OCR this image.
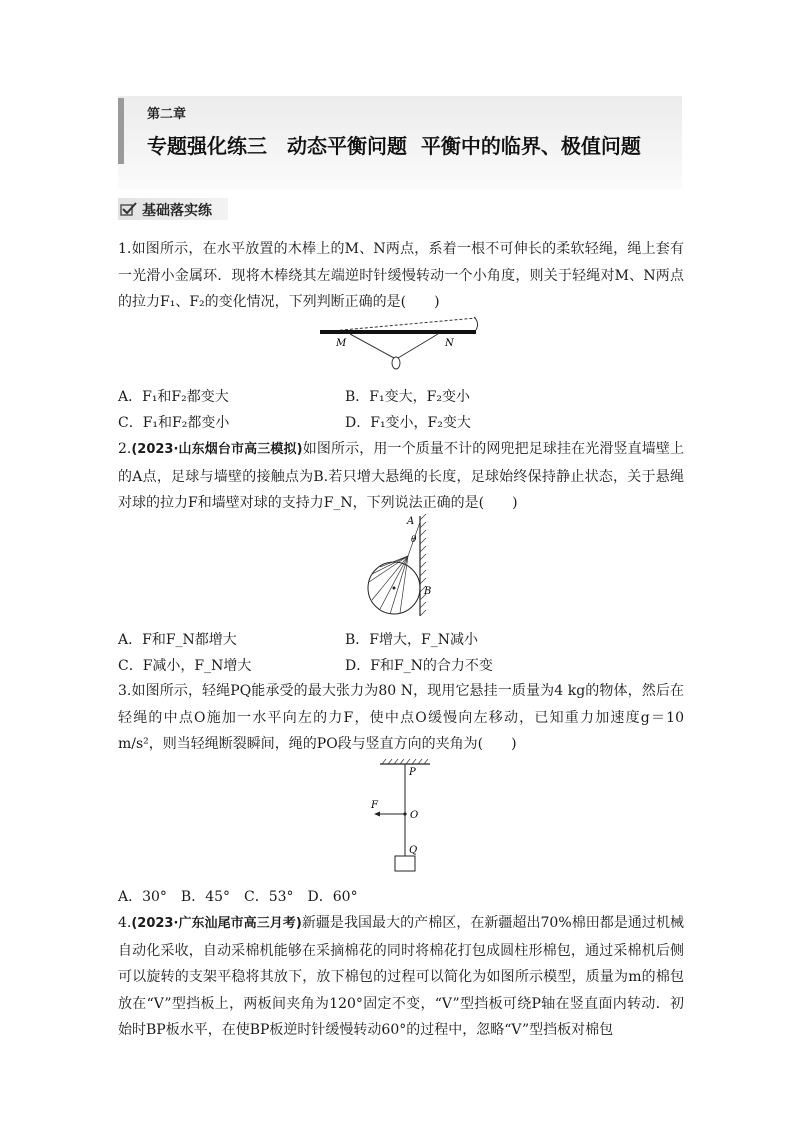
第二章
专题强化练三　动态平衡问题  平衡中的临界、极值问题
基础落实练
1.如图所示，在水平放置的木棒上的M、N两点，系着一根不可伸长的柔软轻绳，绳上套有一光滑小金属环．现将木棒绕其左端逆时针缓慢转动一个小角度，则关于轻绳对M、N两点的拉力F₁、F₂的变化情况，下列判断正确的是(　　)
M	N
A．F₁和F₂都变大	B．F₁变大，F₂变小
C．F₁和F₂都变小	D．F₁变小，F₂变大
2.(2023·山东烟台市高三模拟)如图所示，用一个质量不计的网兜把足球挂在光滑竖直墙壁上的A点，足球与墙壁的接触点为B.若只增大悬绳的长度，足球始终保持静止状态，关于悬绳对球的拉力F和墙壁对球的支持力F_N，下列说法正确的是(　　)
A
θ
B
A．F和F_N都增大	B．F增大，F_N减小
C．F减小，F_N增大	D．F和F_N的合力不变
3.如图所示，轻绳PQ能承受的最大张力为80 N，现用它悬挂一质量为4 kg的物体，然后在轻绳的中点O施加一水平向左的力F，使中点O缓慢向左移动，已知重力加速度g＝10 m/s²，则当轻绳断裂瞬间，绳的PO段与竖直方向的夹角为(　　)
P
O
Q
F
A．30°　B．45°　C．53°　D．60°
4.(2023·广东汕尾市高三月考)新疆是我国最大的产棉区，在新疆超出70%棉田都是通过机械自动化采收，自动采棉机能够在采摘棉花的同时将棉花打包成圆柱形棉包，通过采棉机后侧可以旋转的支架平稳将其放下，放下棉包的过程可以简化为如图所示模型，质量为m的棉包放在“V”型挡板上，两板间夹角为120°固定不变，“V”型挡板可绕P轴在竖直面内转动．初始时BP板水平，在使BP板逆时针缓慢转动60°的过程中，忽略“V”型挡板对棉包
